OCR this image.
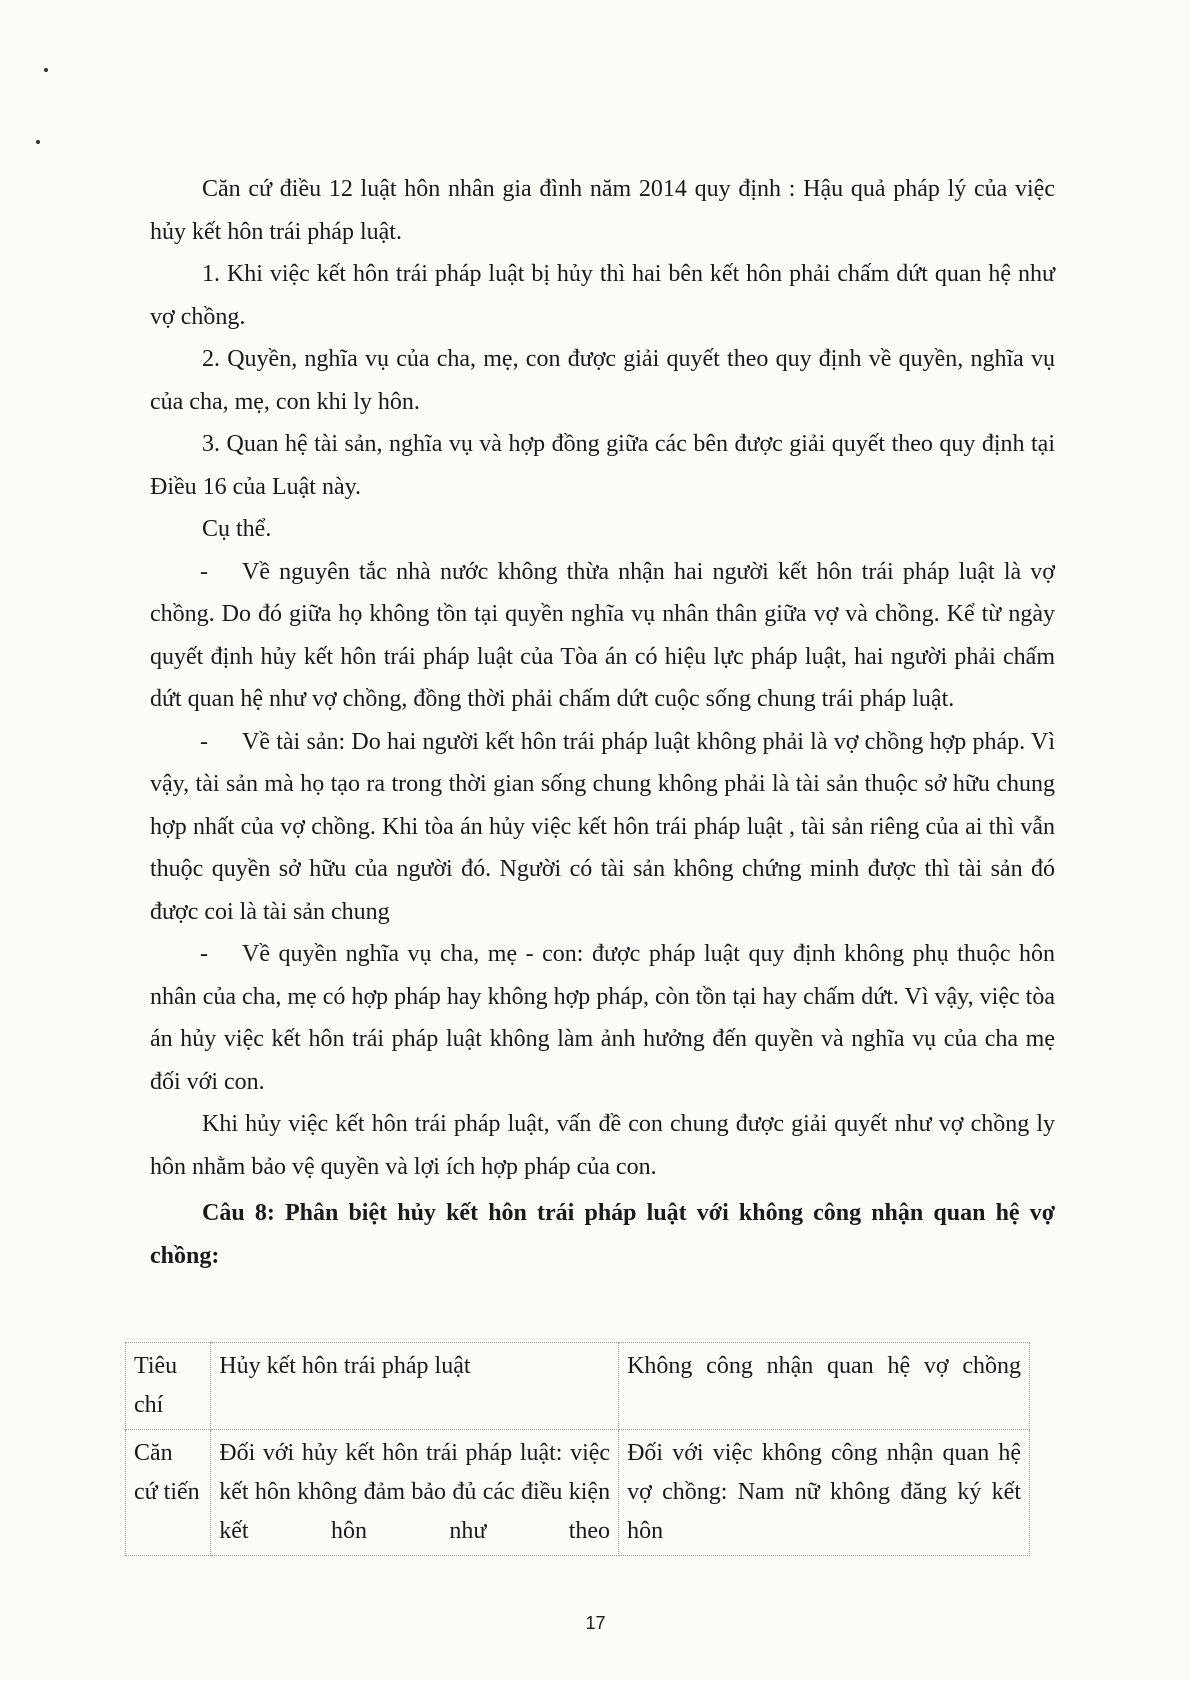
Căn cứ điều 12 luật hôn nhân gia đình năm 2014 quy định : Hậu quả pháp lý của việc hủy kết hôn trái pháp luật.

1. Khi việc kết hôn trái pháp luật bị hủy thì hai bên kết hôn phải chấm dứt quan hệ như vợ chồng.

2. Quyền, nghĩa vụ của cha, mẹ, con được giải quyết theo quy định về quyền, nghĩa vụ của cha, mẹ, con khi ly hôn.

3. Quan hệ tài sản, nghĩa vụ và hợp đồng giữa các bên được giải quyết theo quy định tại Điều 16 của Luật này.

Cụ thể.

- Về nguyên tắc nhà nước không thừa nhận hai người kết hôn trái pháp luật là vợ chồng. Do đó giữa họ không tồn tại quyền nghĩa vụ nhân thân giữa vợ và chồng. Kể từ ngày quyết định hủy kết hôn trái pháp luật của Tòa án có hiệu lực pháp luật, hai người phải chấm dứt quan hệ như vợ chồng, đồng thời phải chấm dứt cuộc sống chung trái pháp luật.

- Về tài sản: Do hai người kết hôn trái pháp luật không phải là vợ chồng hợp pháp. Vì vậy, tài sản mà họ tạo ra trong thời gian sống chung không phải là tài sản thuộc sở hữu chung hợp nhất của vợ chồng. Khi tòa án hủy việc kết hôn trái pháp luật , tài sản riêng của ai thì vẫn thuộc quyền sở hữu của người đó. Người có tài sản không chứng minh được thì tài sản đó được coi là tài sản chung

- Về quyền nghĩa vụ cha, mẹ - con: được pháp luật quy định không phụ thuộc hôn nhân của cha, mẹ có hợp pháp hay không hợp pháp, còn tồn tại hay chấm dứt. Vì vậy, việc tòa án hủy việc kết hôn trái pháp luật không làm ảnh hưởng đến quyền và nghĩa vụ của cha mẹ đối với con.

Khi hủy việc kết hôn trái pháp luật, vấn đề con chung được giải quyết như vợ chồng ly hôn nhằm bảo vệ quyền và lợi ích hợp pháp của con.

Câu 8: Phân biệt hủy kết hôn trái pháp luật với không công nhận quan hệ vợ chồng:

Tiêu chí	Hủy kết hôn trái pháp luật	Không công nhận quan hệ vợ chồng
Căn cứ tiến	Đối với hủy kết hôn trái pháp luật: việc kết hôn không đảm bảo đủ các điều kiện kết hôn như theo	Đối với việc không công nhận quan hệ vợ chồng: Nam nữ không đăng ký kết hôn
17
